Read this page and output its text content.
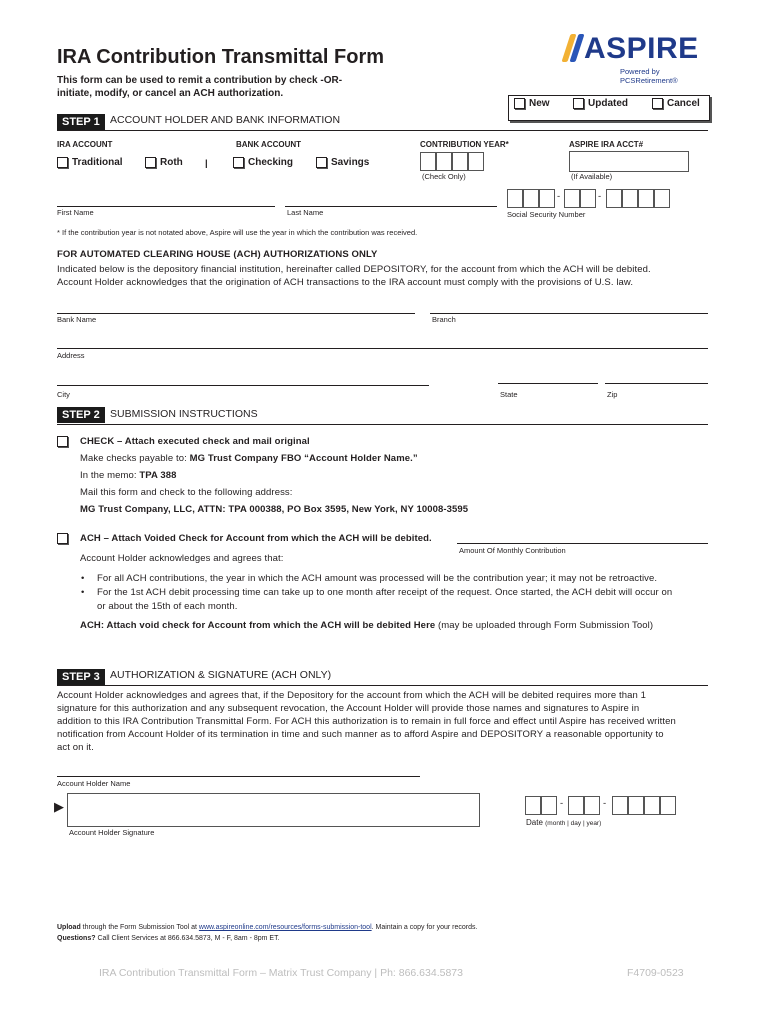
IRA Contribution Transmittal Form
This form can be used to remit a contribution by check -OR-
initiate, modify, or cancel an ACH authorization.
ASPIRE
Powered by PCSRetirement®
New	Updated	Cancel
STEP 1 ACCOUNT HOLDER AND BANK INFORMATION
IRA ACCOUNT
Traditional	Roth |
BANK ACCOUNT
Checking	Savings
CONTRIBUTION YEAR*
(Check Only)
ASPIRE IRA ACCT#
(If Available)
First Name	Last Name
-	-
Social Security Number
* If the contribution year is not notated above, Aspire will use the year in which the contribution was received.
FOR AUTOMATED CLEARING HOUSE (ACH) AUTHORIZATIONS ONLY
Indicated below is the depository financial institution, hereinafter called DEPOSITORY, for the account from which the ACH will be debited.
Account Holder acknowledges that the origination of ACH transactions to the IRA account must comply with the provisions of U.S. law.
Bank Name	Branch
Address
City	State	Zip
STEP 2 SUBMISSION INSTRUCTIONS
CHECK – Attach executed check and mail original
Make checks payable to: MG Trust Company FBO “Account Holder Name.”
In the memo: TPA 388
Mail this form and check to the following address:
MG Trust Company, LLC, ATTN: TPA 000388, PO Box 3595, New York, NY 10008-3595
ACH – Attach Voided Check for Account from which the ACH will be debited.
Amount Of Monthly Contribution
Account Holder acknowledges and agrees that:
• For all ACH contributions, the year in which the ACH amount was processed will be the contribution year; it may not be retroactive.
• For the 1st ACH debit processing time can take up to one month after receipt of the request. Once started, the ACH debit will occur on
or about the 15th of each month.
ACH: Attach void check for Account from which the ACH will be debited Here (may be uploaded through Form Submission Tool)
STEP 3 AUTHORIZATION & SIGNATURE (ACH ONLY)
Account Holder acknowledges and agrees that, if the Depository for the account from which the ACH will be debited requires more than 1
signature for this authorization and any subsequent revocation, the Account Holder will provide those names and signatures to Aspire in
addition to this IRA Contribution Transmittal Form. For ACH this authorization is to remain in full force and effect until Aspire has received written
notification from Account Holder of its termination in time and such manner as to afford Aspire and DEPOSITORY a reasonable opportunity to
act on it.
Account Holder Name
▶
Account Holder Signature
-	-
Date (month | day | year)
Upload through the Form Submission Tool at www.aspireonline.com/resources/forms-submission-tool. Maintain a copy for your records.
Questions? Call Client Services at 866.634.5873, M - F, 8am - 8pm ET.
IRA Contribution Transmittal Form – Matrix Trust Company | Ph: 866.634.5873	F4709-0523
